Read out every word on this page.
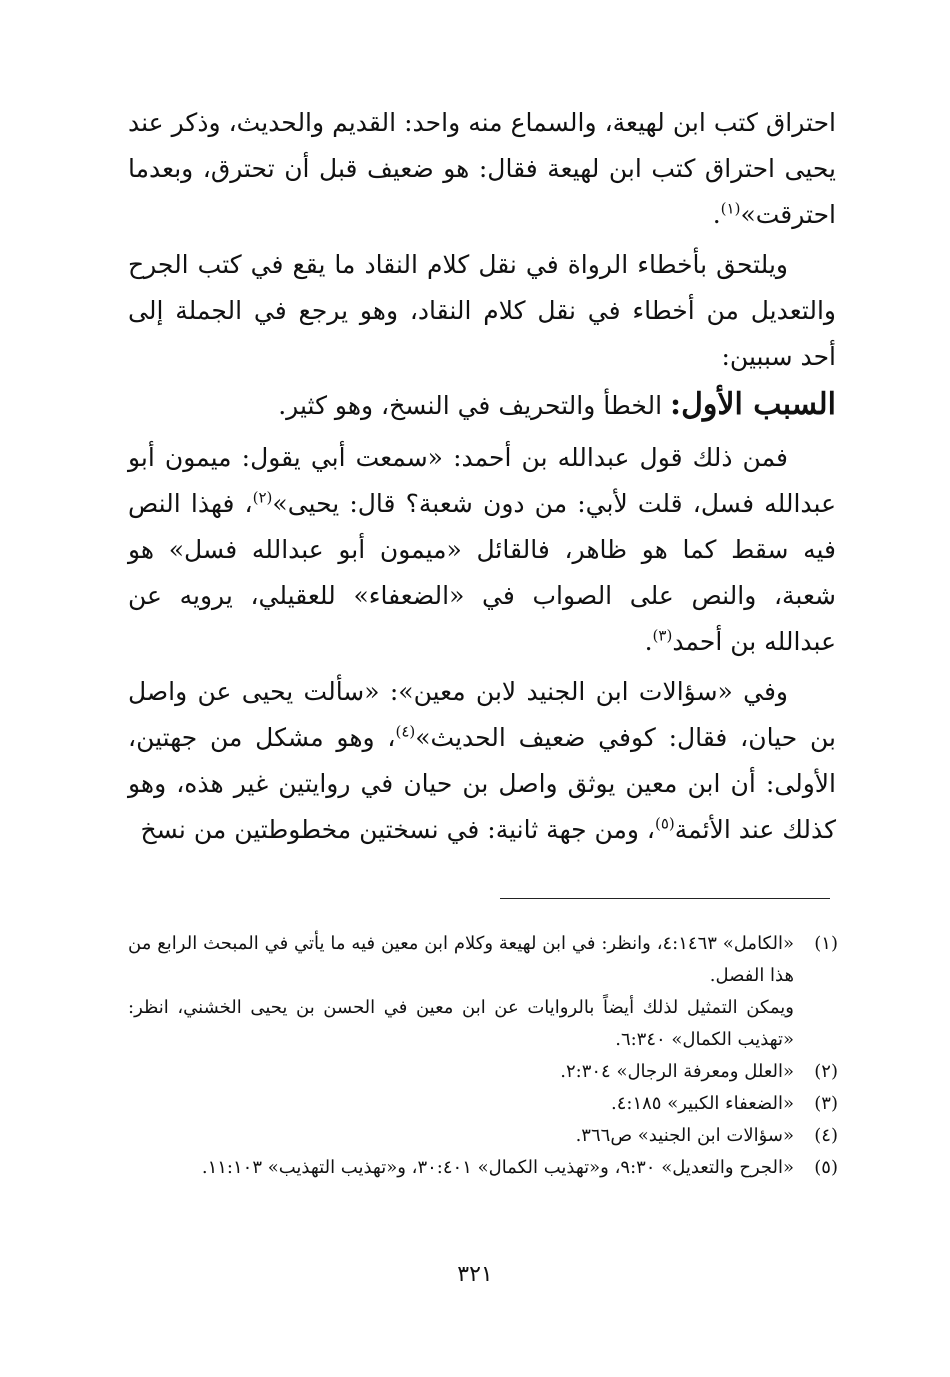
احتراق كتب ابن لهيعة، والسماع منه واحد: القديم والحديث، وذكر عند يحيى احتراق كتب ابن لهيعة فقال: هو ضعيف قبل أن تحترق، وبعدما احترقت»$^{(١)}$.

ويلتحق بأخطاء الرواة في نقل كلام النقاد ما يقع في كتب الجرح والتعديل من أخطاء في نقل كلام النقاد، وهو يرجع في الجملة إلى أحد سببين:

السبب الأول: الخطأ والتحريف في النسخ، وهو كثير.

فمن ذلك قول عبدالله بن أحمد: «سمعت أبي يقول: ميمون أبو عبدالله فسل، قلت لأبي: من دون شعبة؟ قال: يحيى»$^{(٢)}$، فهذا النص فيه سقط كما هو ظاهر، فالقائل «ميمون أبو عبدالله فسل» هو شعبة، والنص على الصواب في «الضعفاء» للعقيلي، يرويه عن عبدالله بن أحمد$^{(٣)}$.

وفي «سؤالات ابن الجنيد لابن معين»: «سألت يحيى عن واصل بن حيان، فقال: كوفي ضعيف الحديث»$^{(٤)}$، وهو مشكل من جهتين، الأولى: أن ابن معين يوثق واصل بن حيان في روايتين غير هذه، وهو كذلك عند الأئمة$^{(٥)}$، ومن جهة ثانية: في نسختين مخطوطتين من نسخ

(١)
«الكامل» ٤:١٤٦٣، وانظر: في ابن لهيعة وكلام ابن معين فيه ما يأتي في المبحث الرابع من هذا الفصل.
ويمكن التمثيل لذلك أيضاً بالروايات عن ابن معين في الحسن بن يحيى الخشني، انظر: «تهذيب الكمال» ٦:٣٤٠.
(٢)
«العلل ومعرفة الرجال» ٢:٣٠٤.
(٣)
«الضعفاء الكبير» ٤:١٨٥.
(٤)
«سؤالات ابن الجنيد» ص٣٦٦.
(٥)
«الجرح والتعديل» ٩:٣٠، و«تهذيب الكمال» ٣٠:٤٠١، و«تهذيب التهذيب» ١١:١٠٣.
٣٢١
